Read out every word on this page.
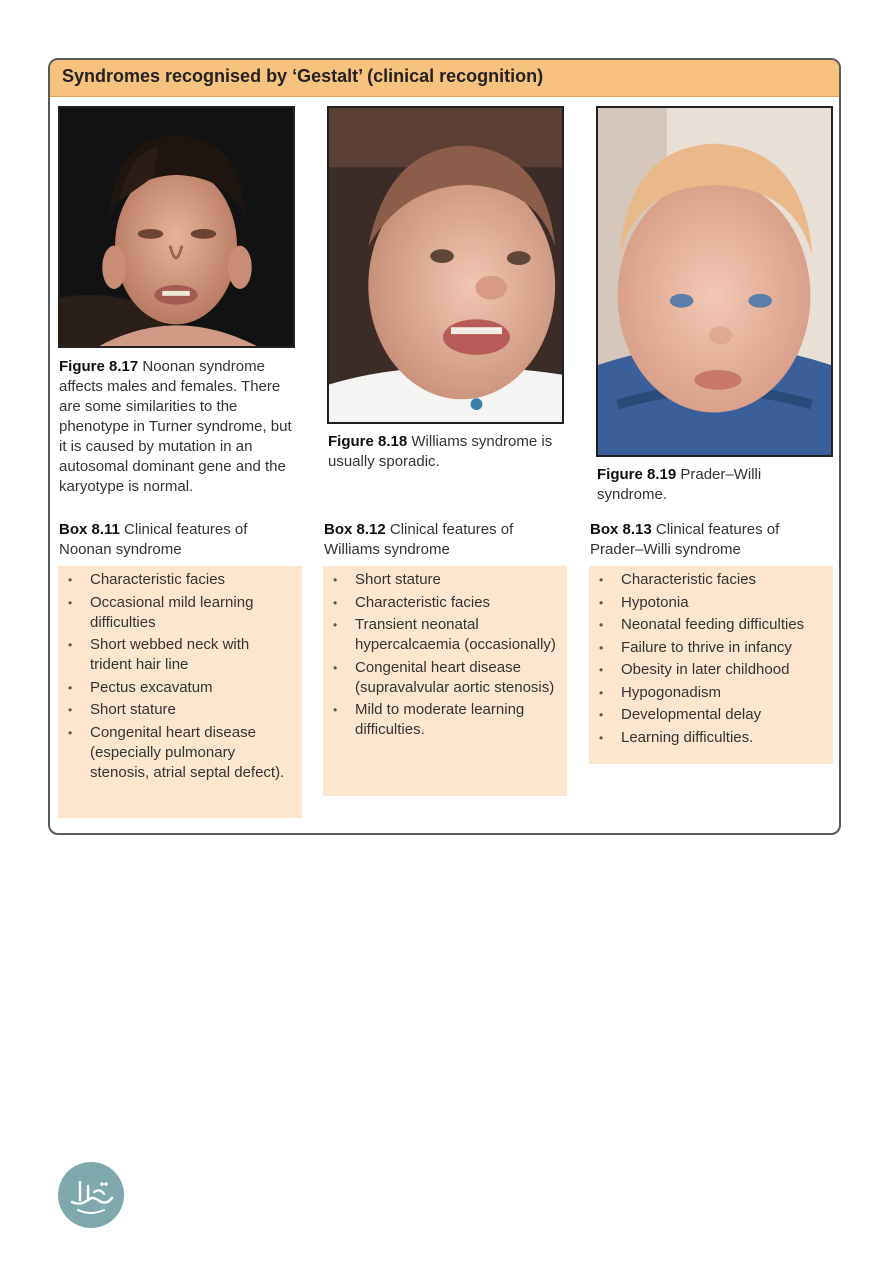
Syndromes recognised by ‘Gestalt’ (clinical recognition)
Figure 8.17 Noonan syndrome affects males and females. There are some similarities to the phenotype in Turner syndrome, but it is caused by mutation in an autosomal dominant gene and the karyotype is normal.
Box 8.11 Clinical features of Noonan syndrome
• Characteristic facies
• Occasional mild learning difficulties
• Short webbed neck with trident hair line
• Pectus excavatum
• Short stature
• Congenital heart disease (especially pulmonary stenosis, atrial septal defect).
Figure 8.18 Williams syndrome is usually sporadic.
Box 8.12 Clinical features of Williams syndrome
• Short stature
• Characteristic facies
• Transient neonatal hypercalcaemia (occasionally)
• Congenital heart disease (supravalvular aortic stenosis)
• Mild to moderate learning difficulties.
Figure 8.19 Prader–Willi syndrome.
Box 8.13 Clinical features of Prader–Willi syndrome
• Characteristic facies
• Hypotonia
• Neonatal feeding difficulties
• Failure to thrive in infancy
• Obesity in later childhood
• Hypogonadism
• Developmental delay
• Learning difficulties.
